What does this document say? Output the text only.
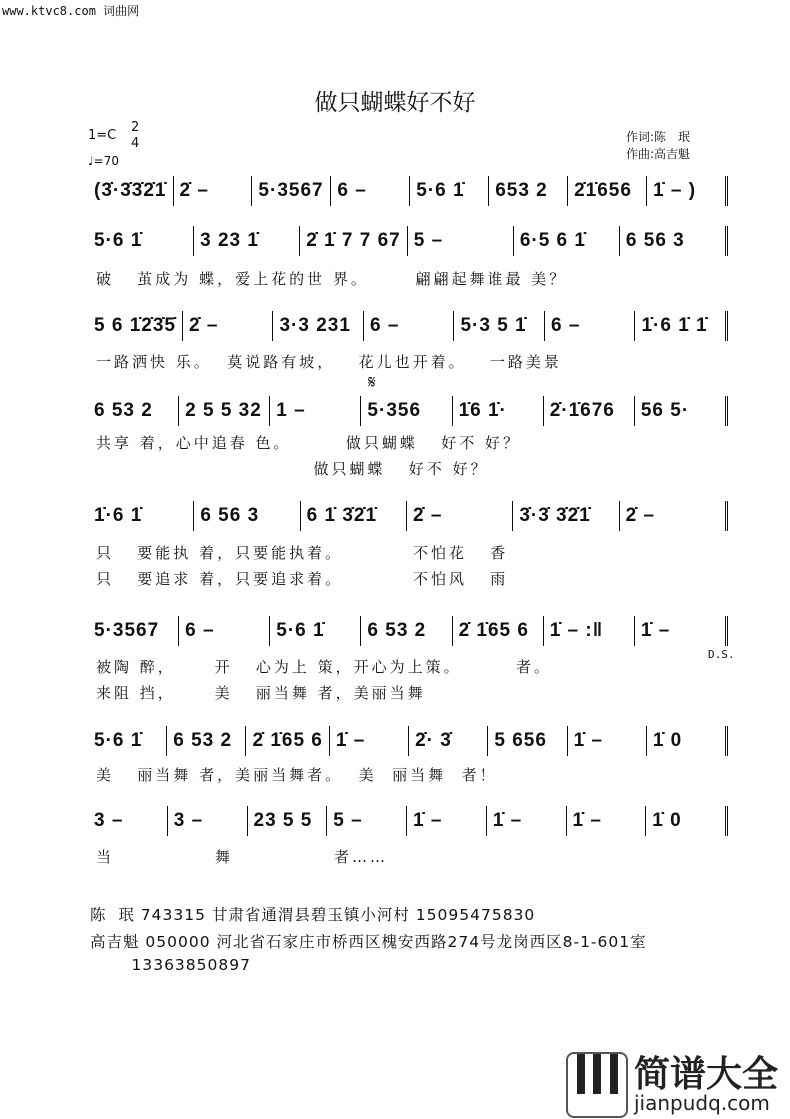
www.ktvc8.com 词曲网
做只蝴蝶好不好
1=C
2
4
♩=70
作词:陈　珉
作曲:高吉魁
𝄋
D.S.
(3̇·3̇3̇2̇1̇ 2̇ –	5·3567 6 –	5·6 1̇ 653 2 2̇1̇656 1̇ – )
5·6 1̇	3 23 1̇ 2̇ 1̇ 7 7 67 5 –	6·5 6 1̇ 6 56 3
破   茧成为 蝶，爱上花的世 界。      翩翩起舞谁最 美？
5 6 1̇2̇3̇5̇ 2̇ –	3·3 231 6 –	5·3 5 1̇ 6 –	1̇·6 1̇ 1̇
一路洒快 乐。  莫说路有坡，   花儿也开着。   一路美景
6 53 2 2 5 5 32 1 –	5·356 1̇6 1̇· 2̇·1̇676 56 5·
共享 着，心中追春 色。       做只蝴蝶   好不 好？
做只蝴蝶   好不 好？
1̇·6 1̇	6 56 3	6 1̇ 3̇2̇1̇ 2̇ –	3̇·3̇ 3̇2̇1̇ 2̇ –
只   要能执 着，只要能执着。         不怕花   香
只   要追求 着，只要追求着。         不怕风   雨
5·3567 6 –	5·6 1̇ 6 53 2 2̇ 1̇65 6 1̇ – :‖ 1̇ –
被陶 醉，     开   心为上 策，开心为上策。       者。
来阻 挡，     美   丽当舞 者，美丽当舞
5·6 1̇ 6 53 2 2̇ 1̇65 6 1̇ –	2̇· 3̇ 5 656 1̇ –	1̇ 0
美   丽当舞 者，美丽当舞者。  美  丽当舞  者！
3 –	3 –	23 5 5 5 –	1̇ –	1̇ –	1̇ –	1̇ 0
当             舞             者……
陈  珉 743315 甘肃省通渭县碧玉镇小河村 15095475830
高吉魁 050000 河北省石家庄市桥西区槐安西路274号龙岗西区8-1-601室
13363850897
简谱大全
jianpudq.com
